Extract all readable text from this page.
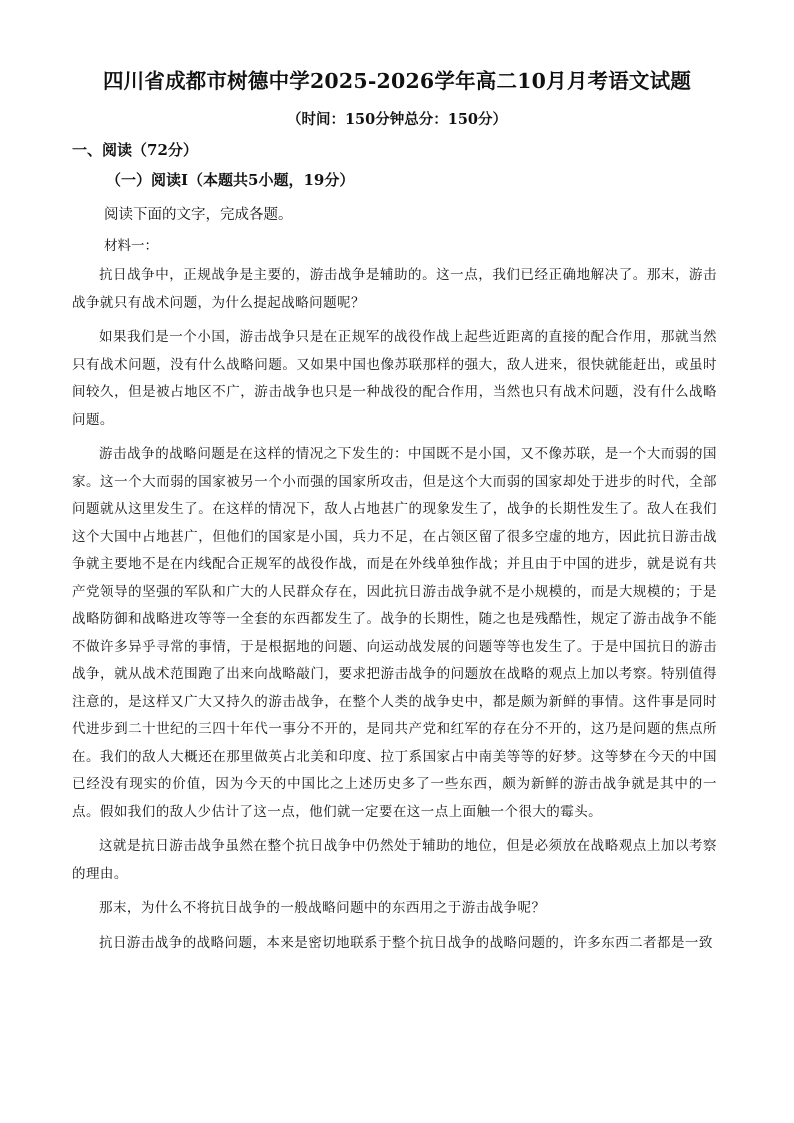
四川省成都市树德中学2025-2026学年高二10月月考语文试题
（时间：150分钟总分：150分）
一、阅读（72分）
（一）阅读Ⅰ（本题共5小题，19分）
阅读下面的文字，完成各题。
材料一：

抗日战争中，正规战争是主要的，游击战争是辅助的。这一点，我们已经正确地解决了。那末，游击战争就只有战术问题，为什么提起战略问题呢？

如果我们是一个小国，游击战争只是在正规军的战役作战上起些近距离的直接的配合作用，那就当然只有战术问题，没有什么战略问题。又如果中国也像苏联那样的强大，敌人进来，很快就能赶出，或虽时间较久，但是被占地区不广，游击战争也只是一种战役的配合作用，当然也只有战术问题，没有什么战略问题。

游击战争的战略问题是在这样的情况之下发生的：中国既不是小国，又不像苏联，是一个大而弱的国家。这一个大而弱的国家被另一个小而强的国家所攻击，但是这个大而弱的国家却处于进步的时代，全部问题就从这里发生了。在这样的情况下，敌人占地甚广的现象发生了，战争的长期性发生了。敌人在我们这个大国中占地甚广，但他们的国家是小国，兵力不足，在占领区留了很多空虚的地方，因此抗日游击战争就主要地不是在内线配合正规军的战役作战，而是在外线单独作战；并且由于中国的进步，就是说有共产党领导的坚强的军队和广大的人民群众存在，因此抗日游击战争就不是小规模的，而是大规模的；于是战略防御和战略进攻等等一全套的东西都发生了。战争的长期性，随之也是残酷性，规定了游击战争不能不做许多异乎寻常的事情，于是根据地的问题、向运动战发展的问题等等也发生了。于是中国抗日的游击战争，就从战术范围跑了出来向战略敲门，要求把游击战争的问题放在战略的观点上加以考察。特别值得注意的，是这样又广大又持久的游击战争，在整个人类的战争史中，都是颇为新鲜的事情。这件事是同时代进步到二十世纪的三四十年代一事分不开的，是同共产党和红军的存在分不开的，这乃是问题的焦点所在。我们的敌人大概还在那里做英占北美和印度、拉丁系国家占中南美等等的好梦。这等梦在今天的中国已经没有现实的价值，因为今天的中国比之上述历史多了一些东西，颇为新鲜的游击战争就是其中的一点。假如我们的敌人少估计了这一点，他们就一定要在这一点上面触一个很大的霉头。

这就是抗日游击战争虽然在整个抗日战争中仍然处于辅助的地位，但是必须放在战略观点上加以考察的理由。

那末，为什么不将抗日战争的一般战略问题中的东西用之于游击战争呢？

抗日游击战争的战略问题，本来是密切地联系于整个抗日战争的战略问题的，许多东西二者都是一致
